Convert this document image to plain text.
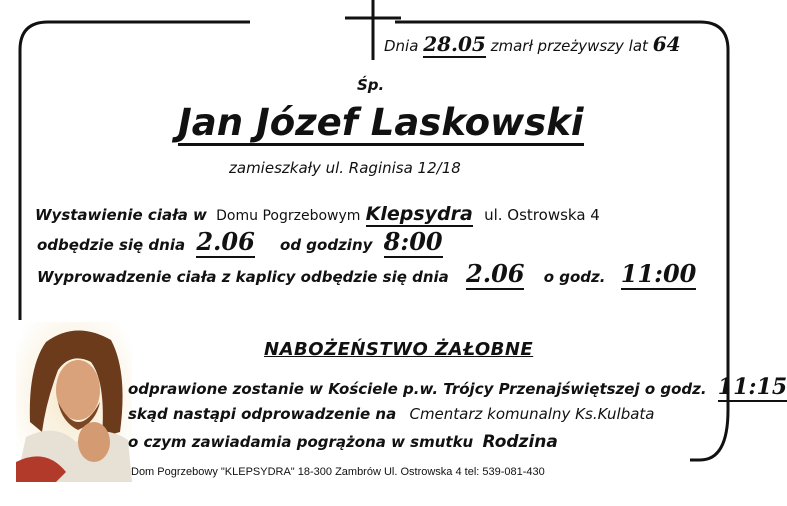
Dnia 28.05 zmarł przeżywszy lat 64
Śp.
Jan Józef Laskowski
zamieszkały ul. Raginisa 12/18
Wystawienie ciała w Domu Pogrzebowym Klepsydra ul. Ostrowska 4
odbędzie się dnia 2.06 od godziny 8:00
Wyprowadzenie ciała z kaplicy odbędzie się dnia 2.06 o godz. 11:00
NABOŻEŃSTWO ŻAŁOBNE
odprawione zostanie w Kościele p.w. Trójcy Przenajświętszej o godz. 11:15
skąd nastąpi odprowadzenie na Cmentarz komunalny Ks.Kulbata
o czym zawiadamia pogrążona w smutku Rodzina
Dom Pogrzebowy "KLEPSYDRA" 18-300 Zambrów Ul. Ostrowska 4 tel: 539-081-430
